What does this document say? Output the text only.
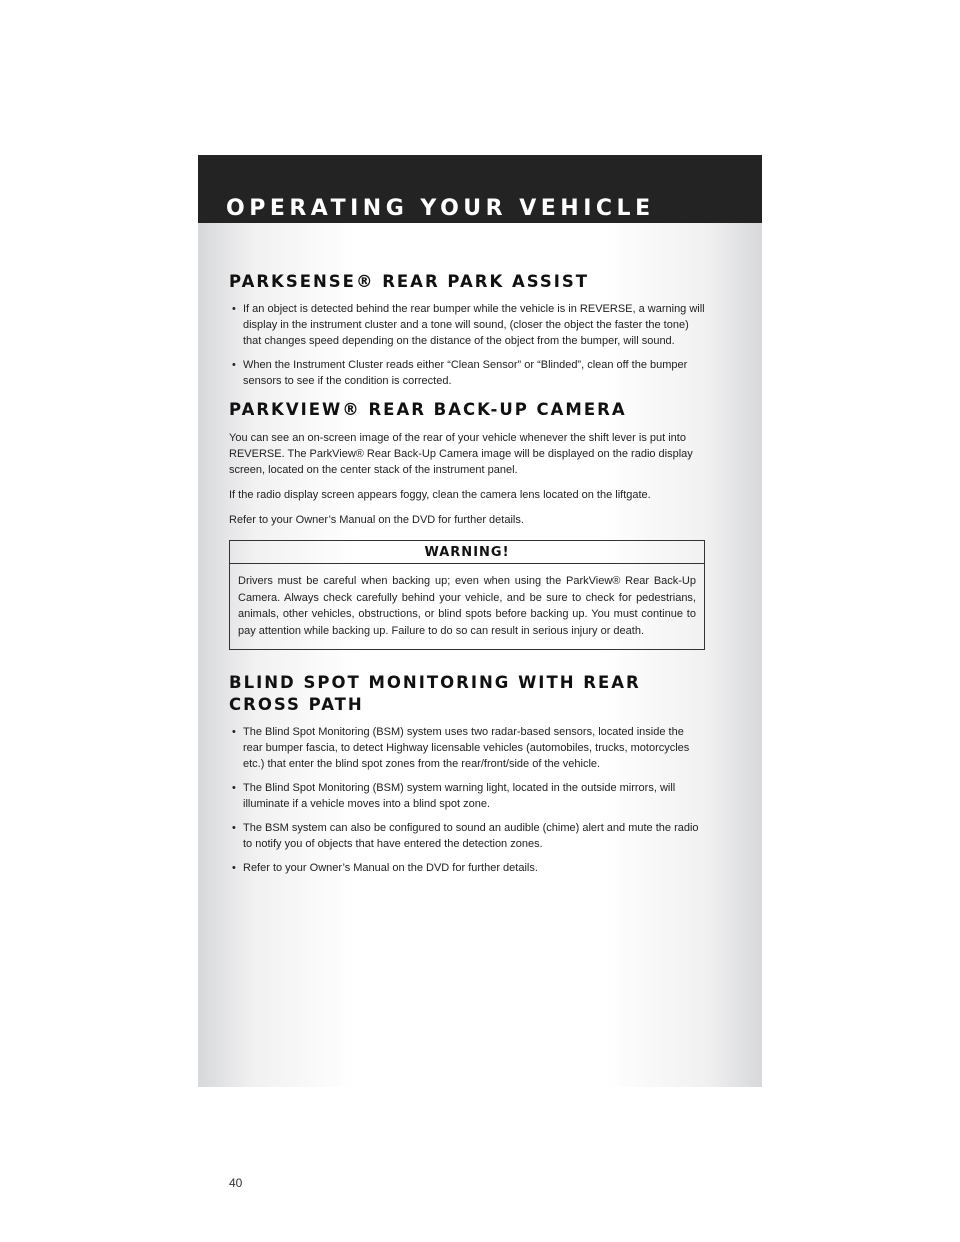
OPERATING YOUR VEHICLE
PARKSENSE® REAR PARK ASSIST
• If an object is detected behind the rear bumper while the vehicle is in REVERSE, a warning will display in the instrument cluster and a tone will sound, (closer the object the faster the tone) that changes speed depending on the distance of the object from the bumper, will sound.
• When the Instrument Cluster reads either “Clean Sensor” or “Blinded”, clean off the bumper sensors to see if the condition is corrected.
PARKVIEW® REAR BACK-UP CAMERA

You can see an on-screen image of the rear of your vehicle whenever the shift lever is put into REVERSE. The ParkView® Rear Back-Up Camera image will be displayed on the radio display screen, located on the center stack of the instrument panel.

If the radio display screen appears foggy, clean the camera lens located on the liftgate.

Refer to your Owner’s Manual on the DVD for further details.

WARNING!

Drivers must be careful when backing up; even when using the ParkView® Rear Back-Up Camera. Always check carefully behind your vehicle, and be sure to check for pedestrians, animals, other vehicles, obstructions, or blind spots before backing up. You must continue to pay attention while backing up. Failure to do so can result in serious injury or death.

BLIND SPOT MONITORING WITH REAR CROSS PATH
• The Blind Spot Monitoring (BSM) system uses two radar-based sensors, located inside the rear bumper fascia, to detect Highway licensable vehicles (automobiles, trucks, motorcycles etc.) that enter the blind spot zones from the rear/front/side of the vehicle.
• The Blind Spot Monitoring (BSM) system warning light, located in the outside mirrors, will illuminate if a vehicle moves into a blind spot zone.
• The BSM system can also be configured to sound an audible (chime) alert and mute the radio to notify you of objects that have entered the detection zones.
• Refer to your Owner’s Manual on the DVD for further details.
40
